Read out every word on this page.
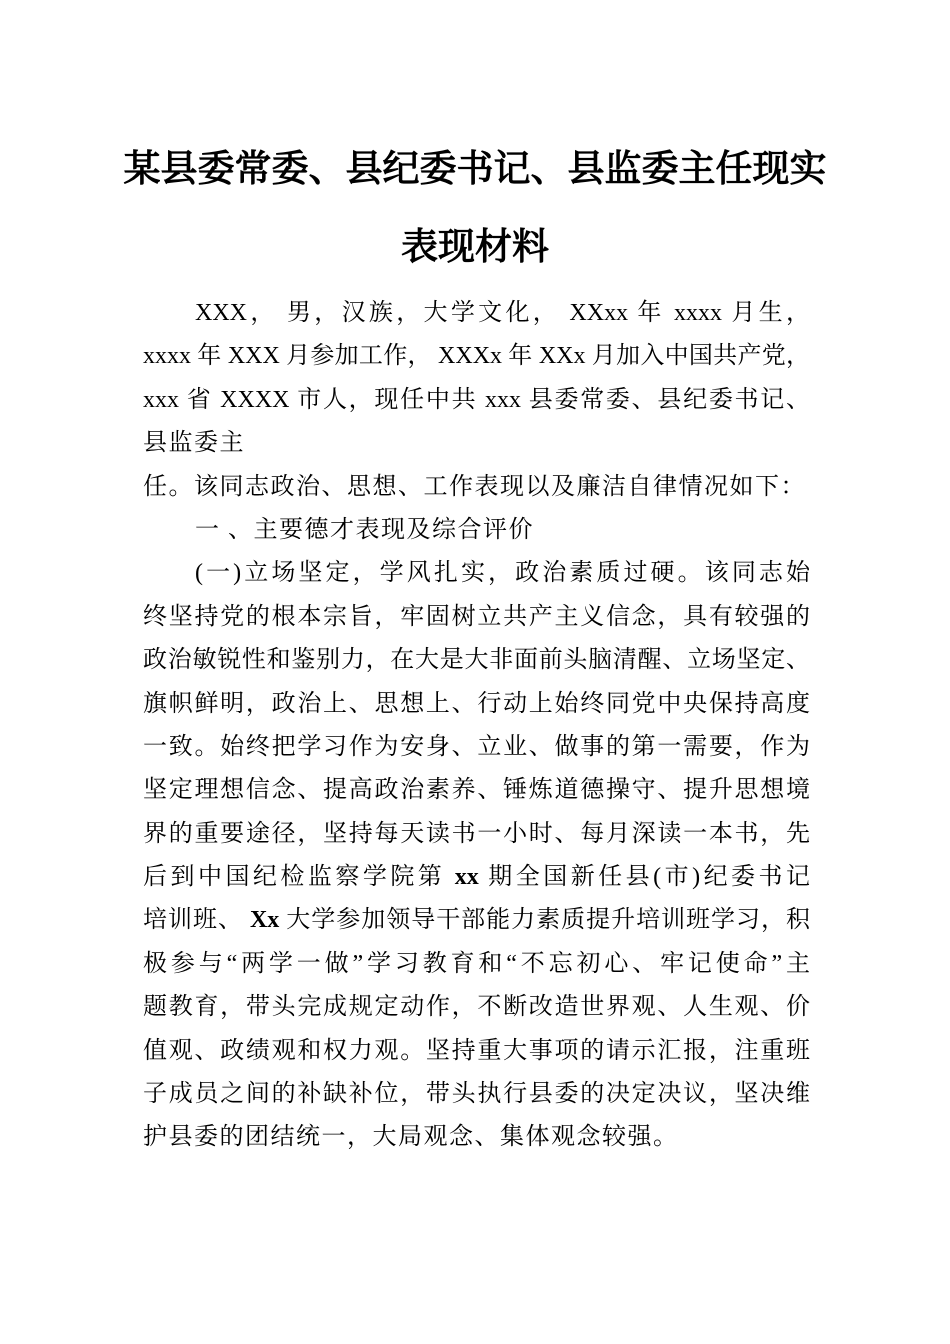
某县委常委、县纪委书记、县监委主任现实
表现材料
XXX， 男，汉族，大学文化， XXxx 年 xxxx 月生，
xxxx 年 XXX 月参加工作， XXXx 年 XXx 月加入中国共产党，
xxx 省 XXXX 市人，现任中共 xxx 县委常委、县纪委书记、
县监委主
任。该同志政治、思想、工作表现以及廉洁自律情况如下：
一 、主要德才表现及综合评价
(一)立场坚定，学风扎实，政治素质过硬。该同志始
终坚持党的根本宗旨，牢固树立共产主义信念，具有较强的
政治敏锐性和鉴别力，在大是大非面前头脑清醒、立场坚定、
旗帜鲜明，政治上、思想上、行动上始终同党中央保持高度
一致。始终把学习作为安身、立业、做事的第一需要，作为
坚定理想信念、提高政治素养、锤炼道德操守、提升思想境
界的重要途径，坚持每天读书一小时、每月深读一本书，先
后到中国纪检监察学院第 xx 期全国新任县(市)纪委书记
培训班、 Xx 大学参加领导干部能力素质提升培训班学习，积
极参与“两学一做”学习教育和“不忘初心、牢记使命”主
题教育，带头完成规定动作，不断改造世界观、人生观、价
值观、政绩观和权力观。坚持重大事项的请示汇报，注重班
子成员之间的补缺补位，带头执行县委的决定决议，坚决维
护县委的团结统一，大局观念、集体观念较强。
